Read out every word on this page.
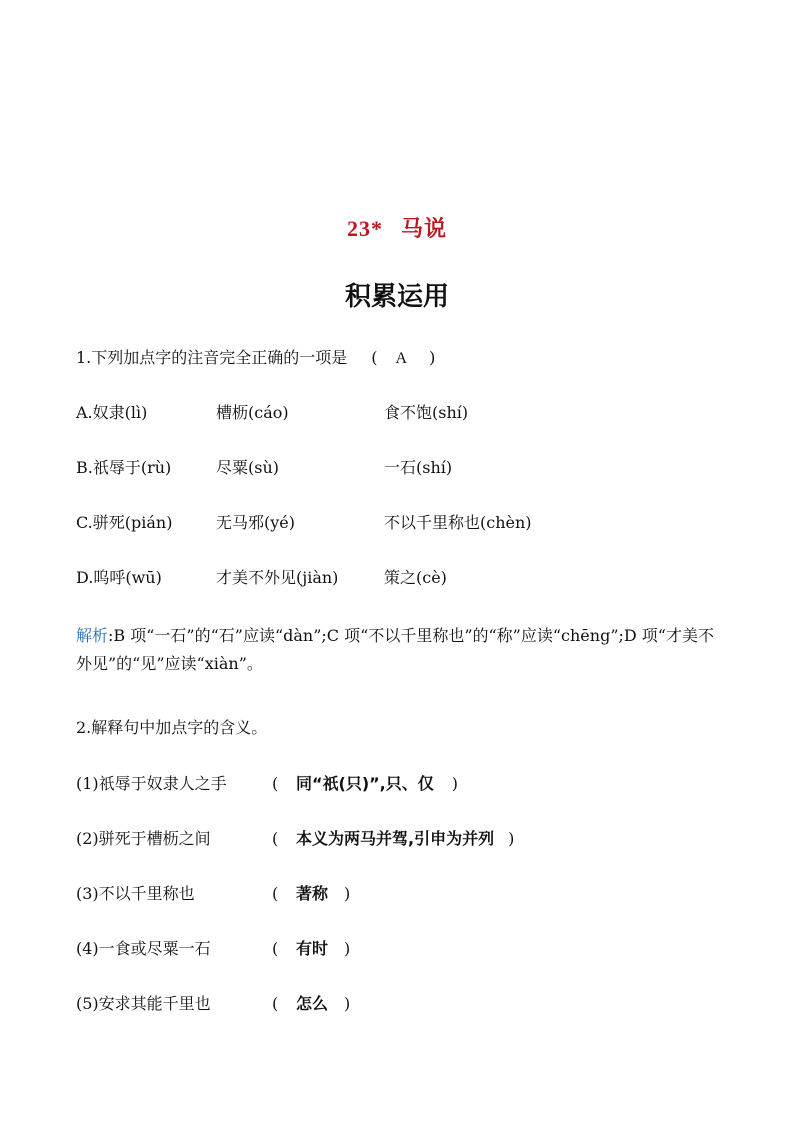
23* 马说
积累运用
1.下列加点字的注音完全正确的一项是 ( A )
A.奴隶(lì)	槽枥(cáo)	食不饱(shí)
B.祇辱于(rù)	尽粟(sù)	一石(shí)
C.骈死(pián)	无马邪(yé)	不以千里称也(chèn)
D.呜呼(wū)	才美不外见(jiàn)	策之(cè)
解析:B 项“一石”的“石”应读“dàn”;C 项“不以千里称也”的“称”应读“chēng”;D 项“才美不外见”的“见”应读“xiàn”。
2.解释句中加点字的含义。
(1)祇辱于奴隶人之手	( 同“祇(只)”,只、仅 )
(2)骈死于槽枥之间	( 本义为两马并驾,引申为并列 )
(3)不以千里称也	( 著称 )
(4)一食或尽粟一石	( 有时 )
(5)安求其能千里也	( 怎么 )
